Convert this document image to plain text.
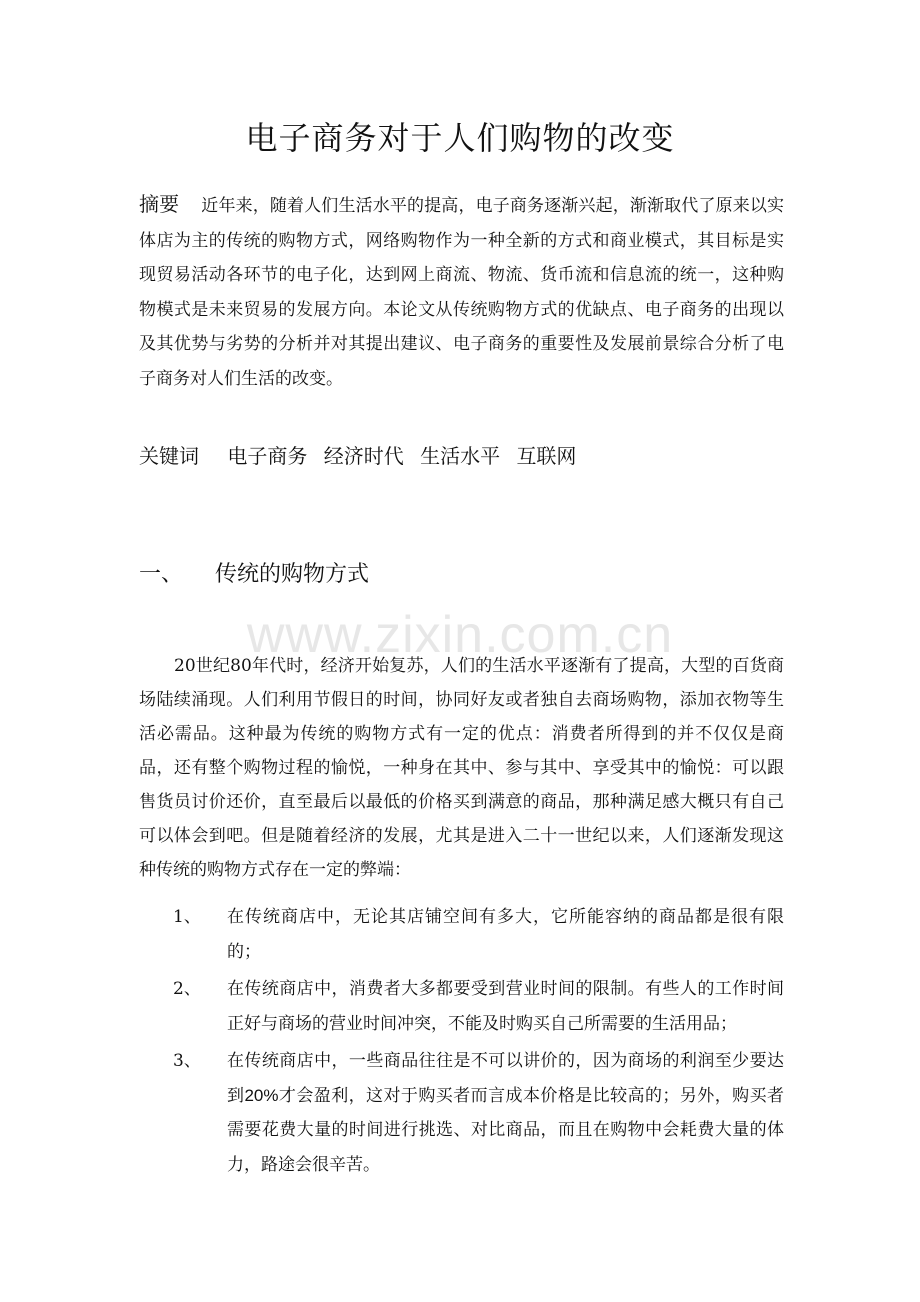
电子商务对于人们购物的改变
摘要 近年来，随着人们生活水平的提高，电子商务逐渐兴起，渐渐取代了原来以实体店为主的传统的购物方式，网络购物作为一种全新的方式和商业模式，其目标是实现贸易活动各环节的电子化，达到网上商流、物流、货币流和信息流的统一，这种购物模式是未来贸易的发展方向。本论文从传统购物方式的优缺点、电子商务的出现以及其优势与劣势的分析并对其提出建议、电子商务的重要性及发展前景综合分析了电子商务对人们生活的改变。
关键词 电子商务 经济时代 生活水平 互联网
一、 传统的购物方式
www.zixin.com.cn
20世纪80年代时，经济开始复苏，人们的生活水平逐渐有了提高，大型的百货商场陆续涌现。人们利用节假日的时间，协同好友或者独自去商场购物，添加衣物等生活必需品。这种最为传统的购物方式有一定的优点：消费者所得到的并不仅仅是商品，还有整个购物过程的愉悦，一种身在其中、参与其中、享受其中的愉悦：可以跟售货员讨价还价，直至最后以最低的价格买到满意的商品，那种满足感大概只有自己可以体会到吧。但是随着经济的发展，尤其是进入二十一世纪以来，人们逐渐发现这种传统的购物方式存在一定的弊端：
1、 在传统商店中，无论其店铺空间有多大，它所能容纳的商品都是很有限的；
2、 在传统商店中，消费者大多都要受到营业时间的限制。有些人的工作时间正好与商场的营业时间冲突，不能及时购买自己所需要的生活用品；
3、 在传统商店中，一些商品往往是不可以讲价的，因为商场的利润至少要达到20%才会盈利，这对于购买者而言成本价格是比较高的；另外，购买者需要花费大量的时间进行挑选、对比商品，而且在购物中会耗费大量的体力，路途会很辛苦。
